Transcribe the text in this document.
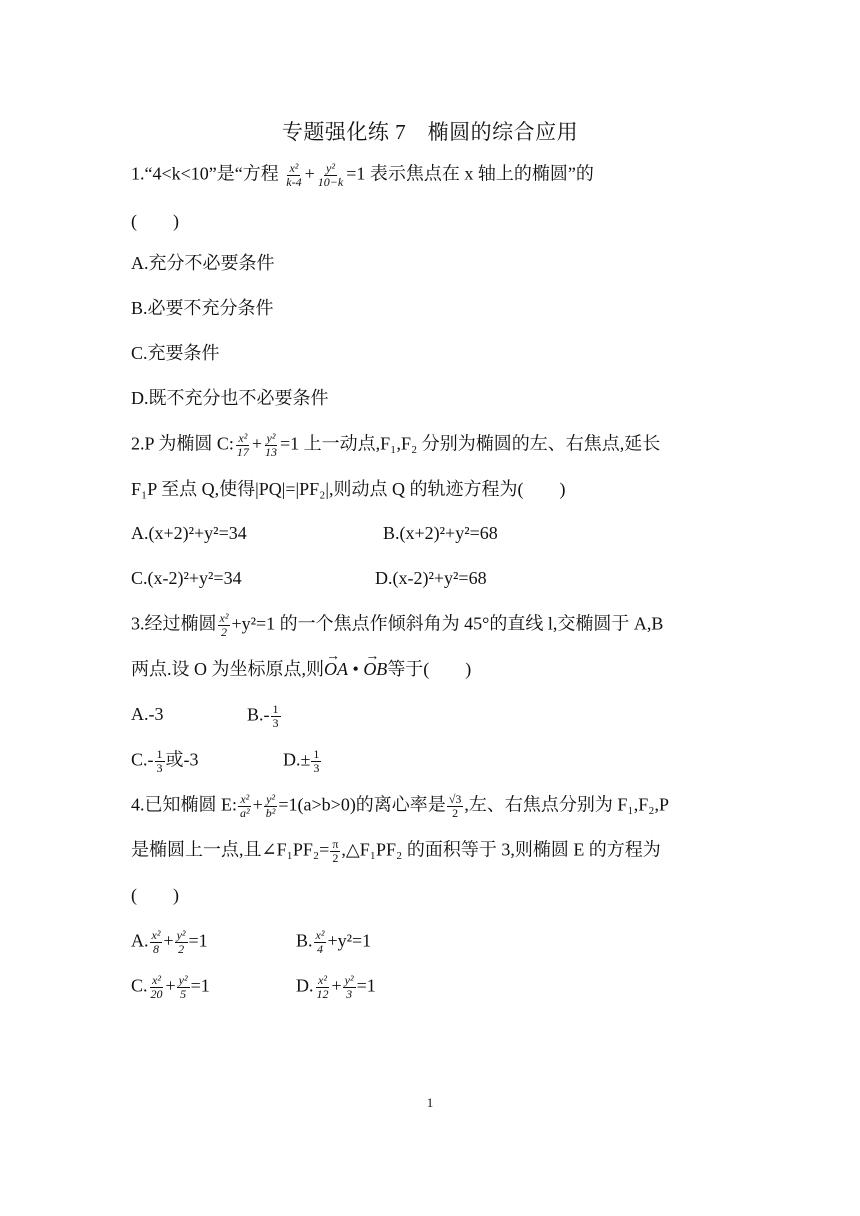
专题强化练 7　椭圆的综合应用
1.“4<k<10”是“方程 $\frac{\text{x²}}{k-4} + \frac{\text{y²}}{10-k} =1$ 表示焦点在 x 轴上的椭圆”的
(　　)
A.充分不必要条件
B.必要不充分条件
C.充要条件
D.既不充分也不必要条件
2.P 为椭圆 C: $\frac{\text{x²}}{17} + \frac{\text{y²}}{13} =1$ 上一动点,F₁,F₂ 分别为椭圆的左、右焦点,延长
F₁P 至点 Q,使得|PQ|=|PF₂|,则动点 Q 的轨迹方程为(　　)
A.(x+2)²+y²=34	B.(x+2)²+y²=68
C.(x-2)²+y²=34	D.(x-2)²+y²=68
3.经过椭圆 $\frac{\text{x²}}{2} +y^2=1$ 的一个焦点作倾斜角为 45°的直线 l,交椭圆于 A,B
两点.设 O 为坐标原点,则→ OA • → OB等于(　　)
A.-3	$B.- \frac{1}{3}$
$C.- \frac{1}{3}$ 或-3	$D.\pm \frac{1}{3}$
4.已知椭圆 E: $\frac{\text{x²}}{\text{a²}} + \frac{\text{y²}}{\text{b²}} =1(a>b>0)$的离心率是 $\frac{√3}{2}$ ,左、右焦点分别为 F₁,F₂,P
是椭圆上一点,且∠F₁PF₂= $\frac{\pi}{2}$ ,△F₁PF₂ 的面积等于 3,则椭圆 E 的方程为
(　　)
A. $\frac{\text{x²}}{8} + \frac{\text{y²}}{2} =1$	B. $\frac{\text{x²}}{4} +y^2=1$
C. $\frac{\text{x²}}{20} + \frac{\text{y²}}{5} =1$	D. $\frac{\text{x²}}{12} + \frac{\text{y²}}{3} =1$
1
